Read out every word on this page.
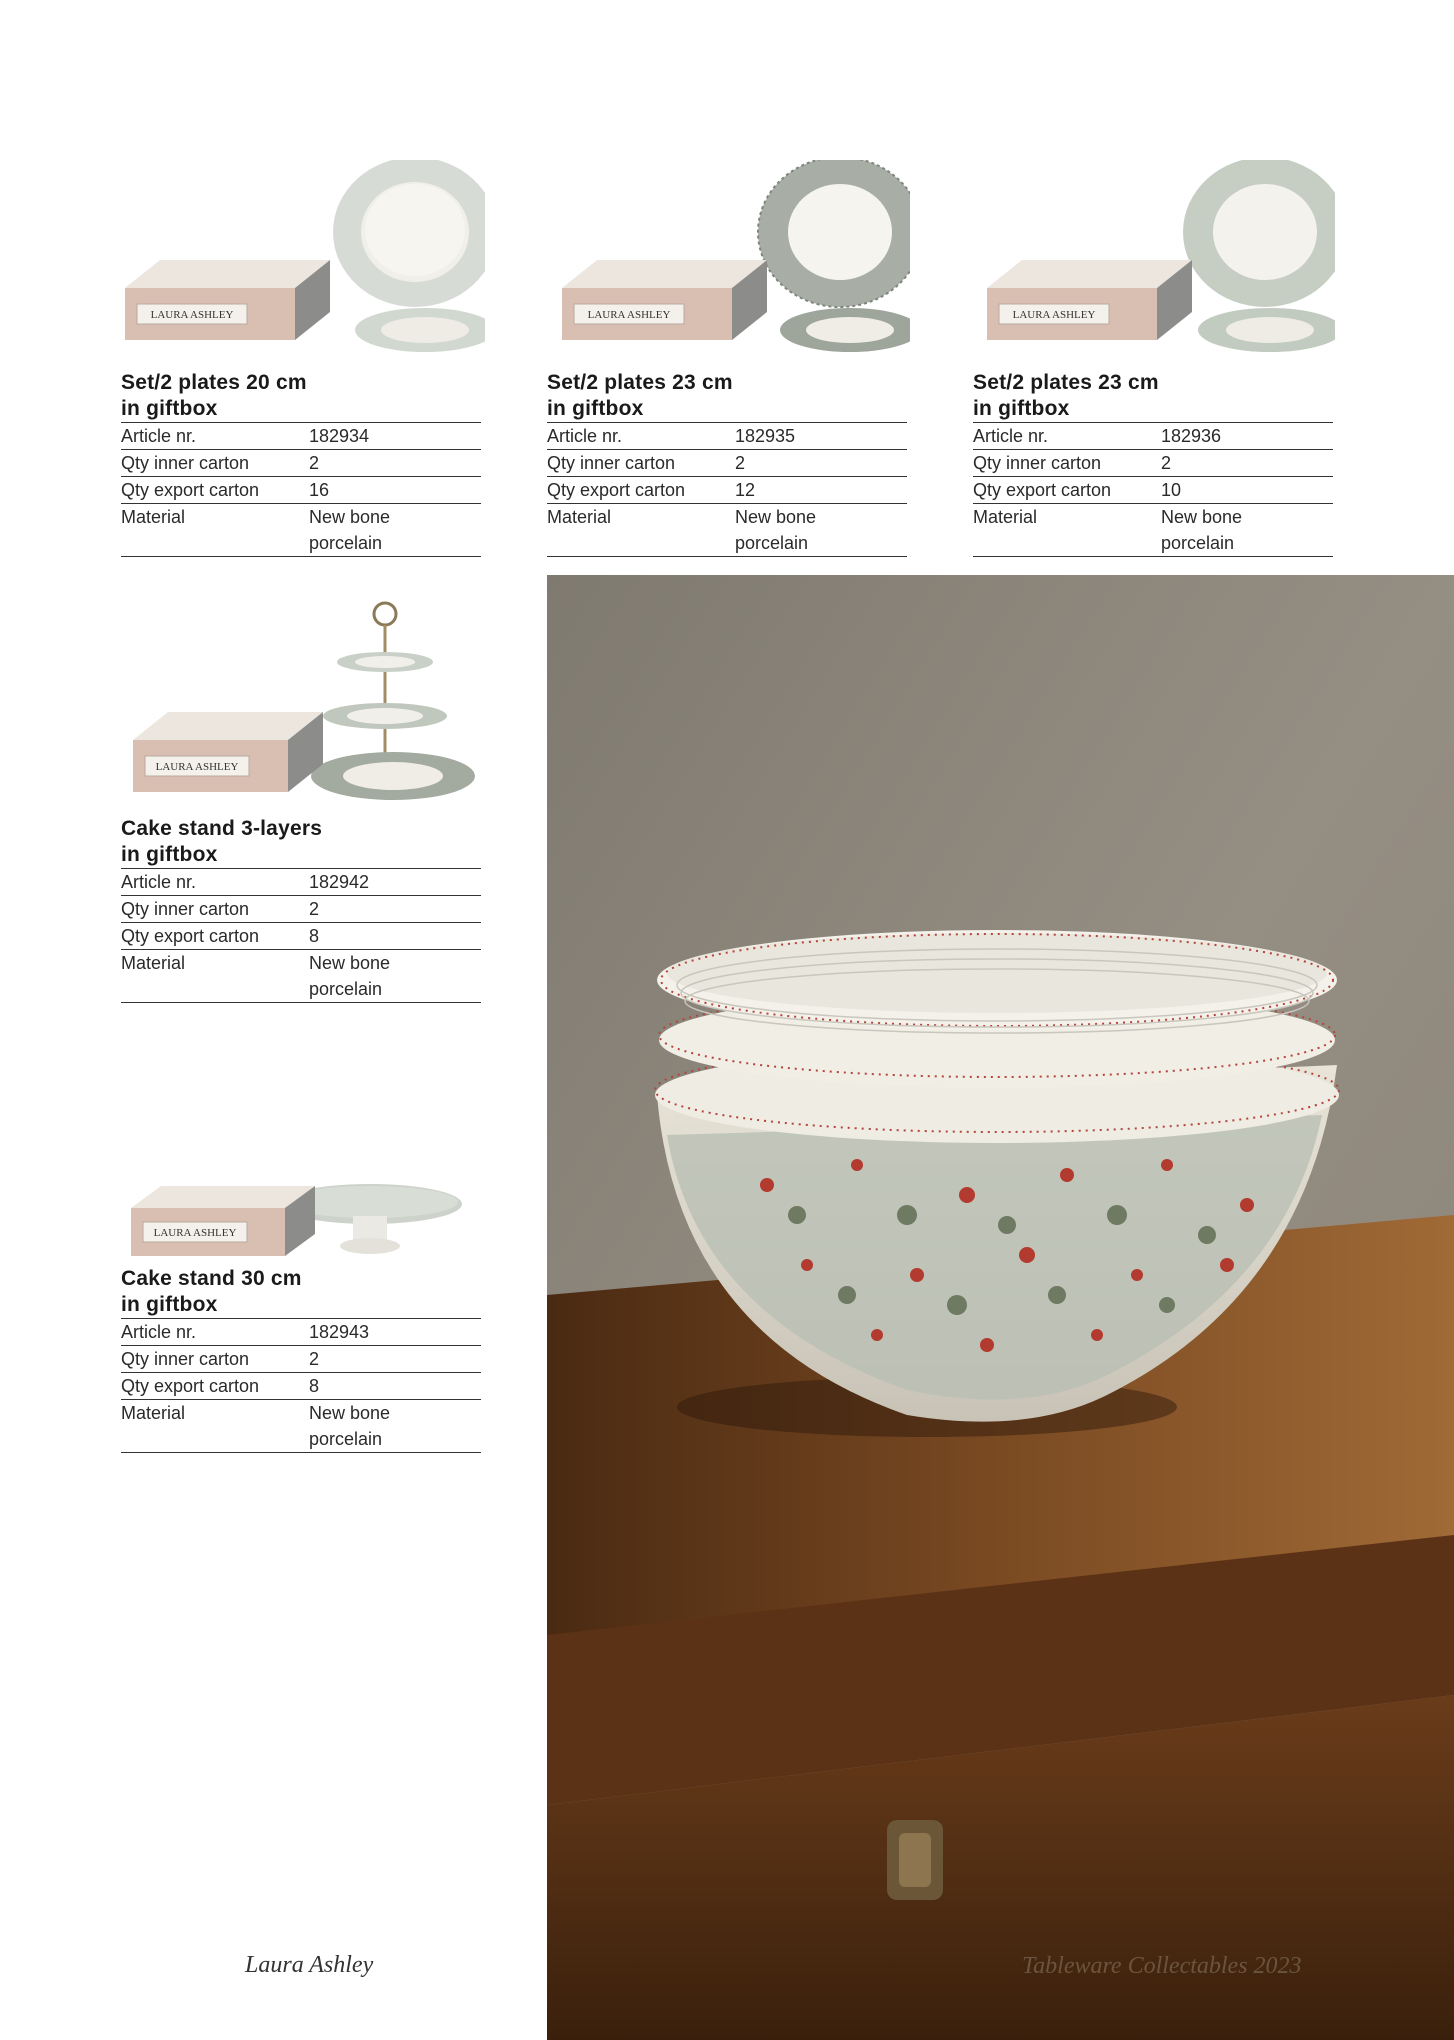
LAURA ASHLEY	LAURA ASHLEY	LAURA ASHLEY
LAURA ASHLEY
LAURA ASHLEY
Set/2 plates 20 cm
in giftbox
Article nr.	182934
Qty inner carton	2
Qty export carton	16
Material	New bone
porcelain
Set/2 plates 23 cm
in giftbox
Article nr.	182935
Qty inner carton	2
Qty export carton	12
Material	New bone
porcelain
Set/2 plates 23 cm
in giftbox
Article nr.	182936
Qty inner carton	2
Qty export carton	10
Material	New bone
porcelain
Cake stand 3-layers
in giftbox
Article nr.	182942
Qty inner carton	2
Qty export carton	8
Material	New bone
porcelain
Cake stand 30 cm
in giftbox
Article nr.	182943
Qty inner carton	2
Qty export carton	8
Material	New bone
porcelain
Laura Ashley	Tableware Collectables 2023
